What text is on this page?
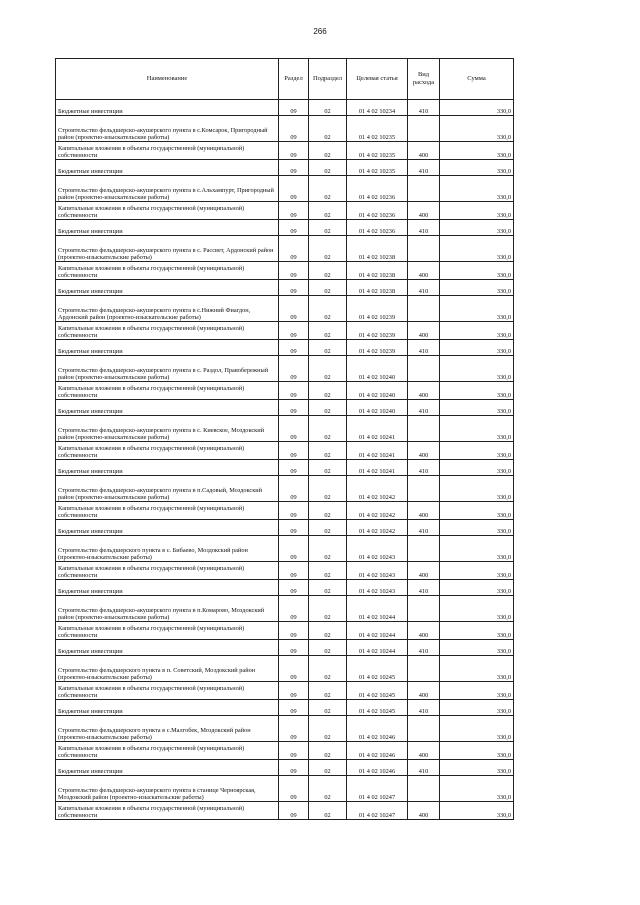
266
Наименование	Раздел	Подраздел	Целевая статья	Вид расхода	Сумма
Бюджетные инвестиции	09	02	01 4 02 10234	410	330,0
Строительство фельдшерско-акушерского пункта в с.Комсарок, Пригородный район (проектно-изыскательские работы)	09	02	01 4 02 10235		330,0
Капитальные вложения в объекты государственной (муниципальной) собственности	09	02	01 4 02 10235	400	330,0
Бюджетные инвестиции	09	02	01 4 02 10235	410	330,0
Строительство фельдшерско-акушерского пункта в с.Альхампурт, Пригородный район (проектно-изыскательские работы)	09	02	01 4 02 10236		330,0
Капитальные вложения в объекты государственной (муниципальной) собственности	09	02	01 4 02 10236	400	330,0
Бюджетные инвестиции	09	02	01 4 02 10236	410	330,0
Строительство фельдшерско-акушерского пункта в с. Рассвет, Ардонский район (проектно-изыскательские работы)	09	02	01 4 02 10238		330,0
Капитальные вложения в объекты государственной (муниципальной) собственности	09	02	01 4 02 10238	400	330,0
Бюджетные инвестиции	09	02	01 4 02 10238	410	330,0
Строительство фельдшерско-акушерского пункта в с.Нижний Фиагдон, Ардонский район (проектно-изыскательские работы)	09	02	01 4 02 10239		330,0
Капитальные вложения в объекты государственной (муниципальной) собственности	09	02	01 4 02 10239	400	330,0
Бюджетные инвестиции	09	02	01 4 02 10239	410	330,0
Строительство фельдшерско-акушерского пункта в с. Раздол, Правобережный район (проектно-изыскательские работы)	09	02	01 4 02 10240		330,0
Капитальные вложения в объекты государственной (муниципальной) собственности	09	02	01 4 02 10240	400	330,0
Бюджетные инвестиции	09	02	01 4 02 10240	410	330,0
Строительство фельдшерско-акушерского пункта в с. Киевское, Моздокский район (проектно-изыскательские работы)	09	02	01 4 02 10241		330,0
Капитальные вложения в объекты государственной (муниципальной) собственности	09	02	01 4 02 10241	400	330,0
Бюджетные инвестиции	09	02	01 4 02 10241	410	330,0
Строительство фельдшерско-акушерского пункта в п.Садовый, Моздокский район (проектно-изыскательские работы)	09	02	01 4 02 10242		330,0
Капитальные вложения в объекты государственной (муниципальной) собственности	09	02	01 4 02 10242	400	330,0
Бюджетные инвестиции	09	02	01 4 02 10242	410	330,0
Строительство фельдшерского пункта в с. Бибаево, Моздокский район (проектно-изыскательские работы)	09	02	01 4 02 10243		330,0
Капитальные вложения в объекты государственной (муниципальной) собственности	09	02	01 4 02 10243	400	330,0
Бюджетные инвестиции	09	02	01 4 02 10243	410	330,0
Строительство фельдшерско-акушерского пункта в п.Комарово, Моздокский район (проектно-изыскательские работы)	09	02	01 4 02 10244		330,0
Капитальные вложения в объекты государственной (муниципальной) собственности	09	02	01 4 02 10244	400	330,0
Бюджетные инвестиции	09	02	01 4 02 10244	410	330,0
Строительство фельдшерского пункта в п. Советский, Моздокский район (проектно-изыскательские работы)	09	02	01 4 02 10245		330,0
Капитальные вложения в объекты государственной (муниципальной) собственности	09	02	01 4 02 10245	400	330,0
Бюджетные инвестиции	09	02	01 4 02 10245	410	330,0
Строительство фельдшерского пункта в с.Малгобек, Моздокский район (проектно-изыскательские работы)	09	02	01 4 02 10246		330,0
Капитальные вложения в объекты государственной (муниципальной) собственности	09	02	01 4 02 10246	400	330,0
Бюджетные инвестиции	09	02	01 4 02 10246	410	330,0
Строительство фельдшерско-акушерского пункта в станице Черноярская, Моздокский район (проектно-изыскательские работы)	09	02	01 4 02 10247		330,0
Капитальные вложения в объекты государственной (муниципальной) собственности	09	02	01 4 02 10247	400	330,0
